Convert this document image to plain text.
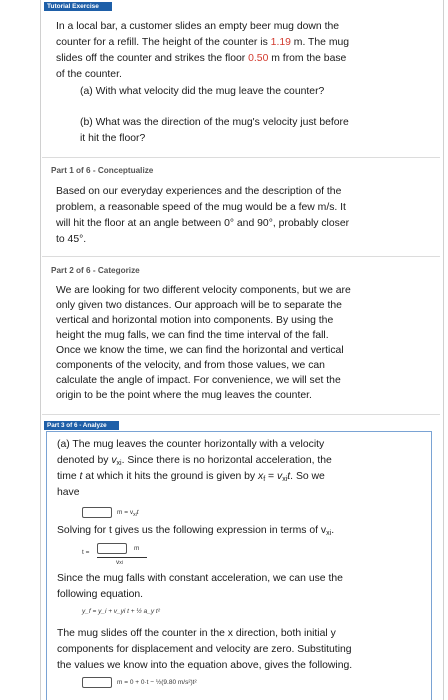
Tutorial Exercise
In a local bar, a customer slides an empty beer mug down the
counter for a refill. The height of the counter is 1.19 m. The mug
slides off the counter and strikes the floor 0.50 m from the base
of the counter.
(a) With what velocity did the mug leave the counter?
(b) What was the direction of the mug's velocity just before
it hit the floor?
Part 1 of 6 - Conceptualize
Based on our everyday experiences and the description of the
problem, a reasonable speed of the mug would be a few m/s. It
will hit the floor at an angle between 0° and 90°, probably closer
to 45°.
Part 2 of 6 - Categorize
We are looking for two different velocity components, but we are
only given two distances. Our approach will be to separate the
vertical and horizontal motion into components. By using the
height the mug falls, we can find the time interval of the fall.
Once we know the time, we can find the horizontal and vertical
components of the velocity, and from those values, we can
calculate the angle of impact. For convenience, we will set the
origin to be the point where the mug leaves the counter.
Part 3 of 6 - Analyze
(a) The mug leaves the counter horizontally with a velocity
denoted by $v_{xi}$. Since there is no horizontal acceleration, the
time t at which it hits the ground is given by $x_f = v_{xi}t$. So we
have
$m = v_{xi}t$
Solving for t gives us the following expression in terms of $v_{xi}$.
t =
m
vxi
Since the mug falls with constant acceleration, we can use the
following equation.
y_f = y_i + v_yi t + ½ a_y t²
The mug slides off the counter in the x direction, both initial y
components for displacement and velocity are zero. Substituting
the values we know into the equation above, gives the following.
m = 0 + 0·t − ½(9.80 m/s²)t²
